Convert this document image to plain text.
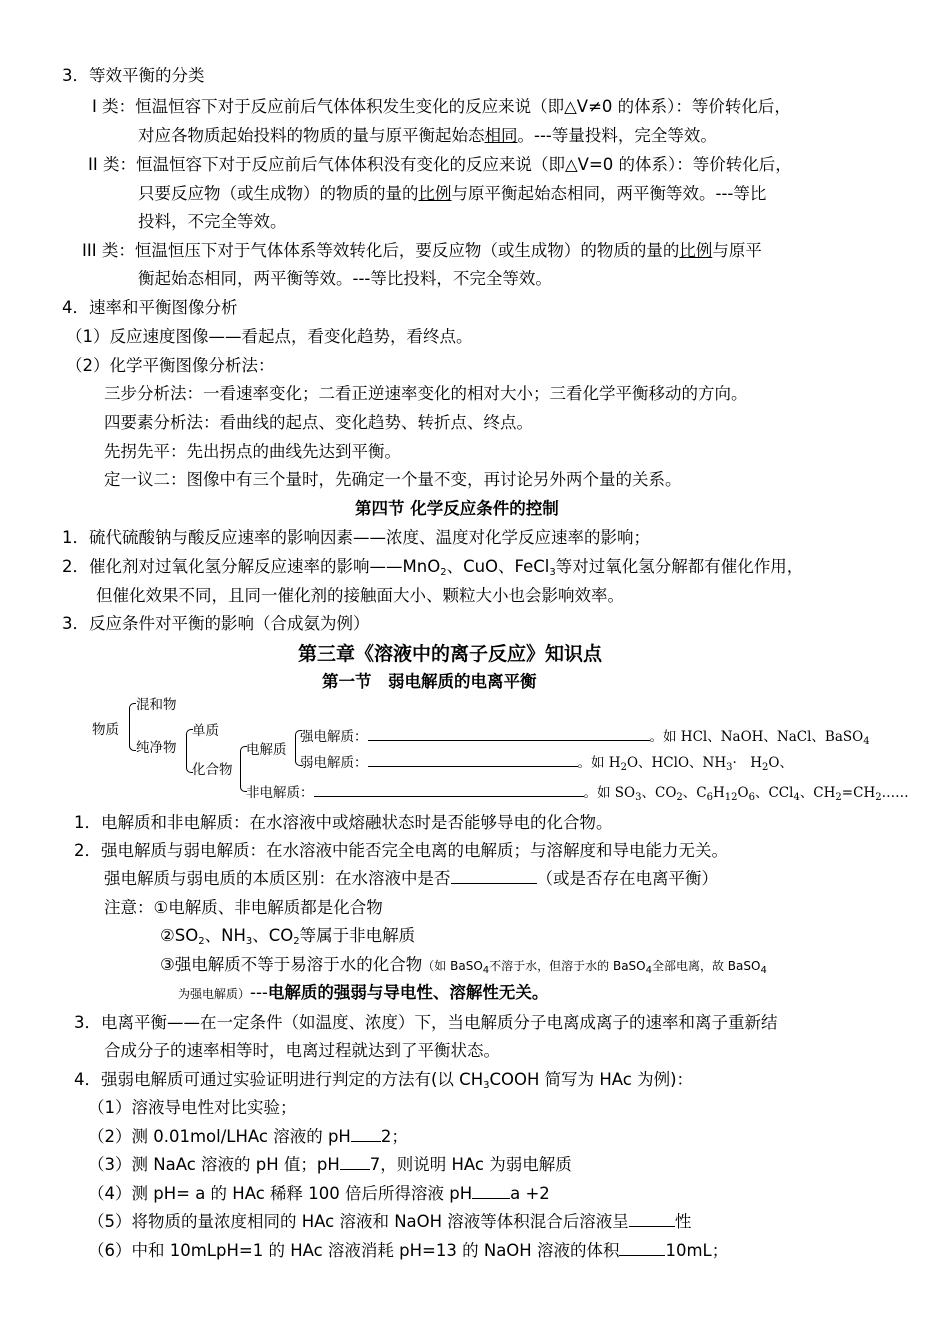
3．等效平衡的分类
I 类：恒温恒容下对于反应前后气体体积发生变化的反应来说（即△V≠0 的体系）：等价转化后，
对应各物质起始投料的物质的量与原平衡起始态相同。---等量投料，完全等效。
II 类：恒温恒容下对于反应前后气体体积没有变化的反应来说（即△V=0 的体系）：等价转化后，
只要反应物（或生成物）的物质的量的比例与原平衡起始态相同，两平衡等效。---等比
投料，不完全等效。
III 类：恒温恒压下对于气体体系等效转化后，要反应物（或生成物）的物质的量的比例与原平
衡起始态相同，两平衡等效。---等比投料，不完全等效。
4．速率和平衡图像分析
（1）反应速度图像——看起点，看变化趋势，看终点。
（2）化学平衡图像分析法：
三步分析法：一看速率变化；二看正逆速率变化的相对大小；三看化学平衡移动的方向。
四要素分析法：看曲线的起点、变化趋势、转折点、终点。
先拐先平：先出拐点的曲线先达到平衡。
定一议二：图像中有三个量时，先确定一个量不变，再讨论另外两个量的关系。
第四节 化学反应条件的控制
1．硫代硫酸钠与酸反应速率的影响因素——浓度、温度对化学反应速率的影响；
2．催化剂对过氧化氢分解反应速率的影响——MnO$_2$、CuO、FeCl$_3$等对过氧化氢分解都有催化作用，
但催化效果不同，且同一催化剂的接触面大小、颗粒大小也会影响效率。
3．反应条件对平衡的影响（合成氨为例）
第三章《溶液中的离子反应》知识点
第一节　弱电解质的电离平衡
物质
混和物
纯净物
单质
化合物
电解质
强电解质：	。如 HCl、NaOH、NaCl、BaSO$_4$
弱电解质：	。如 $H_2O$、HClO、$NH_3\cdot$　$H_2O$、
非电解质：	。如 $SO_3$、$CO_2$、$C_6H_{12}O_6$、CCl$_4$、$CH_2=CH_2\dots\dots$
1．电解质和非电解质：在水溶液中或熔融状态时是否能够导电的化合物。
2．强电解质与弱电解质：在水溶液中能否完全电离的电解质；与溶解度和导电能力无关。
强电解质与弱电质的本质区别：在水溶液中是否	（或是否存在电离平衡）
注意：①电解质、非电解质都是化合物
$②SO_2$、$NH_3$、$CO_2$等属于非电解质
③强电解质不等于易溶于水的化合物（如 BaSO$_4$不溶于水，但溶于水的 BaSO$_4$全部电离，故 BaSO$_4$
为强电解质）---电解质的强弱与导电性、溶解性无关。
3．电离平衡——在一定条件（如温度、浓度）下，当电解质分子电离成离子的速率和离子重新结
合成分子的速率相等时，电离过程就达到了平衡状态。
4．强弱电解质可通过实验证明进行判定的方法有(以 $CH_3COOH$ 简写为 HAc 为例)：
（1）溶液导电性对比实验；
（2）测 0.01mol/LHAc 溶液的 pH 2；
（3）测 NaAc 溶液的 pH 值；pH 7，则说明 HAc 为弱电解质
（4）测 pH= a 的 HAc 稀释 100 倍后所得溶液 pH a +2
（5）将物质的量浓度相同的 HAc 溶液和 NaOH 溶液等体积混合后溶液呈	性
（6）中和 10mLpH=1 的 HAc 溶液消耗 pH=13 的 NaOH 溶液的体积	10mL；
